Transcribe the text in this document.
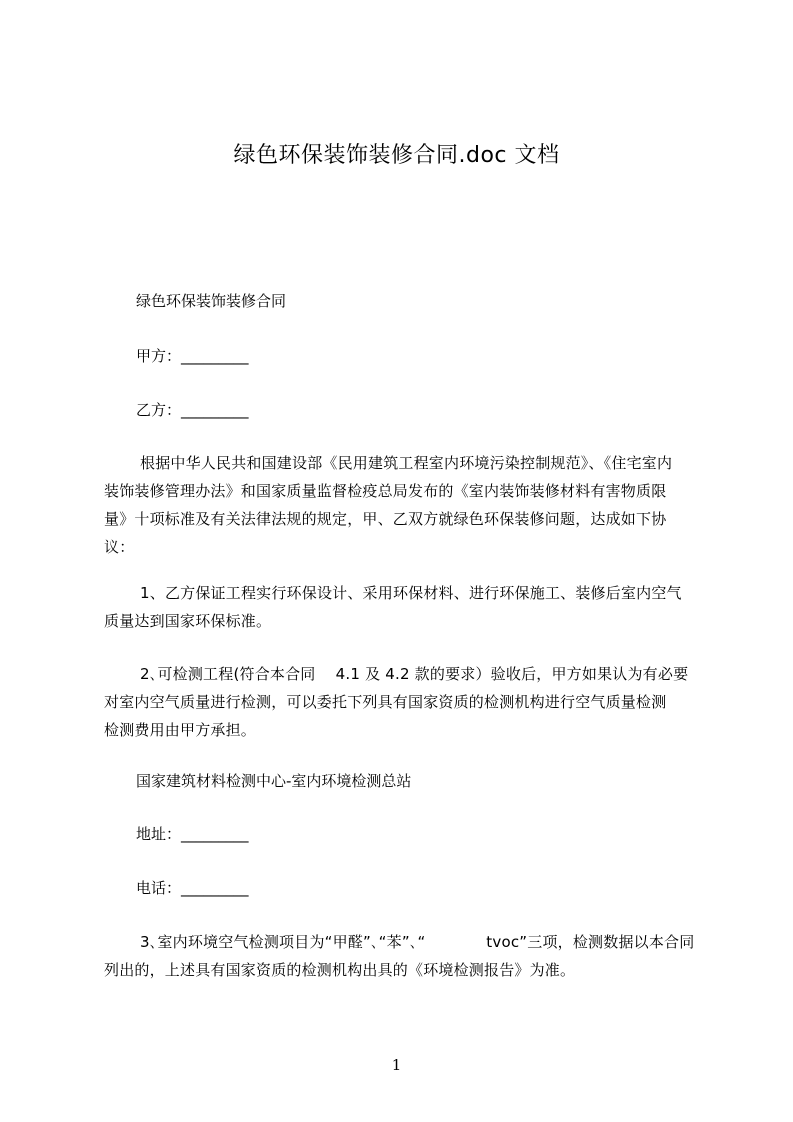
绿色环保装饰装修合同.doc 文档

绿色环保装饰装修合同

甲方：_________

乙方：_________

根据中华人民共和国建设部《民用建筑工程室内环境污染控制规范》、《住宅室内
装饰装修管理办法》和国家质量监督检疫总局发布的《室内装饰装修材料有害物质限
量》十项标准及有关法律法规的规定，甲、乙双方就绿色环保装修问题，达成如下协
议：
1、乙方保证工程实行环保设计、采用环保材料、进行环保施工、装修后室内空气
质量达到国家环保标准。
2､可检测工程(符合本合同　 4.1 及 4.2 款的要求）验收后，甲方如果认为有必要
对室内空气质量进行检测，可以委托下列具有国家资质的检测机构进行空气质量检测
检测费用由甲方承担。

国家建筑材料检测中心-室内环境检测总站

地址：_________

电话：_________

3､室内环境空气检测项目为“甲醛”､“苯”､“　　　　tvoc”三项，检测数据以本合同
列出的，上述具有国家资质的检测机构出具的《环境检测报告》为准。
1
